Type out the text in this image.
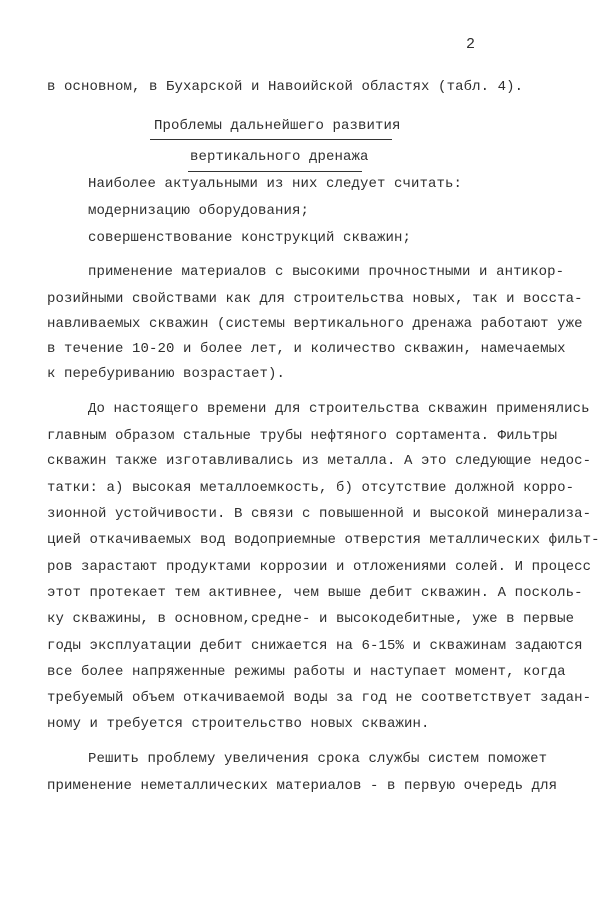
2
в основном, в Бухарской и Навоийской областях (табл. 4).
Проблемы дальнейшего развития
вертикального дренажа
Наиболее актуальными из них следует считать:
модернизацию оборудования;
совершенствование конструкций скважин;
применение материалов с высокими прочностными и антикор-
розийными свойствами как для строительства новых, так и восста-
навливаемых скважин (системы вертикального дренажа работают уже
в течение 10-20 и более лет, и количество скважин, намечаемых
к перебуриванию возрастает).
До настоящего времени для строительства скважин применялись
главным образом стальные трубы нефтяного сортамента. Фильтры
скважин также изготавливались из металла. А это следующие недос-
татки: а) высокая металлоемкость, б) отсутствие должной корро-
зионной устойчивости. В связи с повышенной и высокой минерализа-
цией откачиваемых вод водоприемные отверстия металлических фильт-
ров зарастают продуктами коррозии и отложениями солей. И процесс
этот протекает тем активнее, чем выше дебит скважин. А посколь-
ку скважины, в основном,средне- и высокодебитные, уже в первые
годы эксплуатации дебит снижается на 6-15% и скважинам задаются
все более напряженные режимы работы и наступает момент, когда
требуемый объем откачиваемой воды за год не соответствует задан-
ному и требуется строительство новых скважин.
Решить проблему увеличения срока службы систем поможет
применение неметаллических материалов - в первую очередь для
